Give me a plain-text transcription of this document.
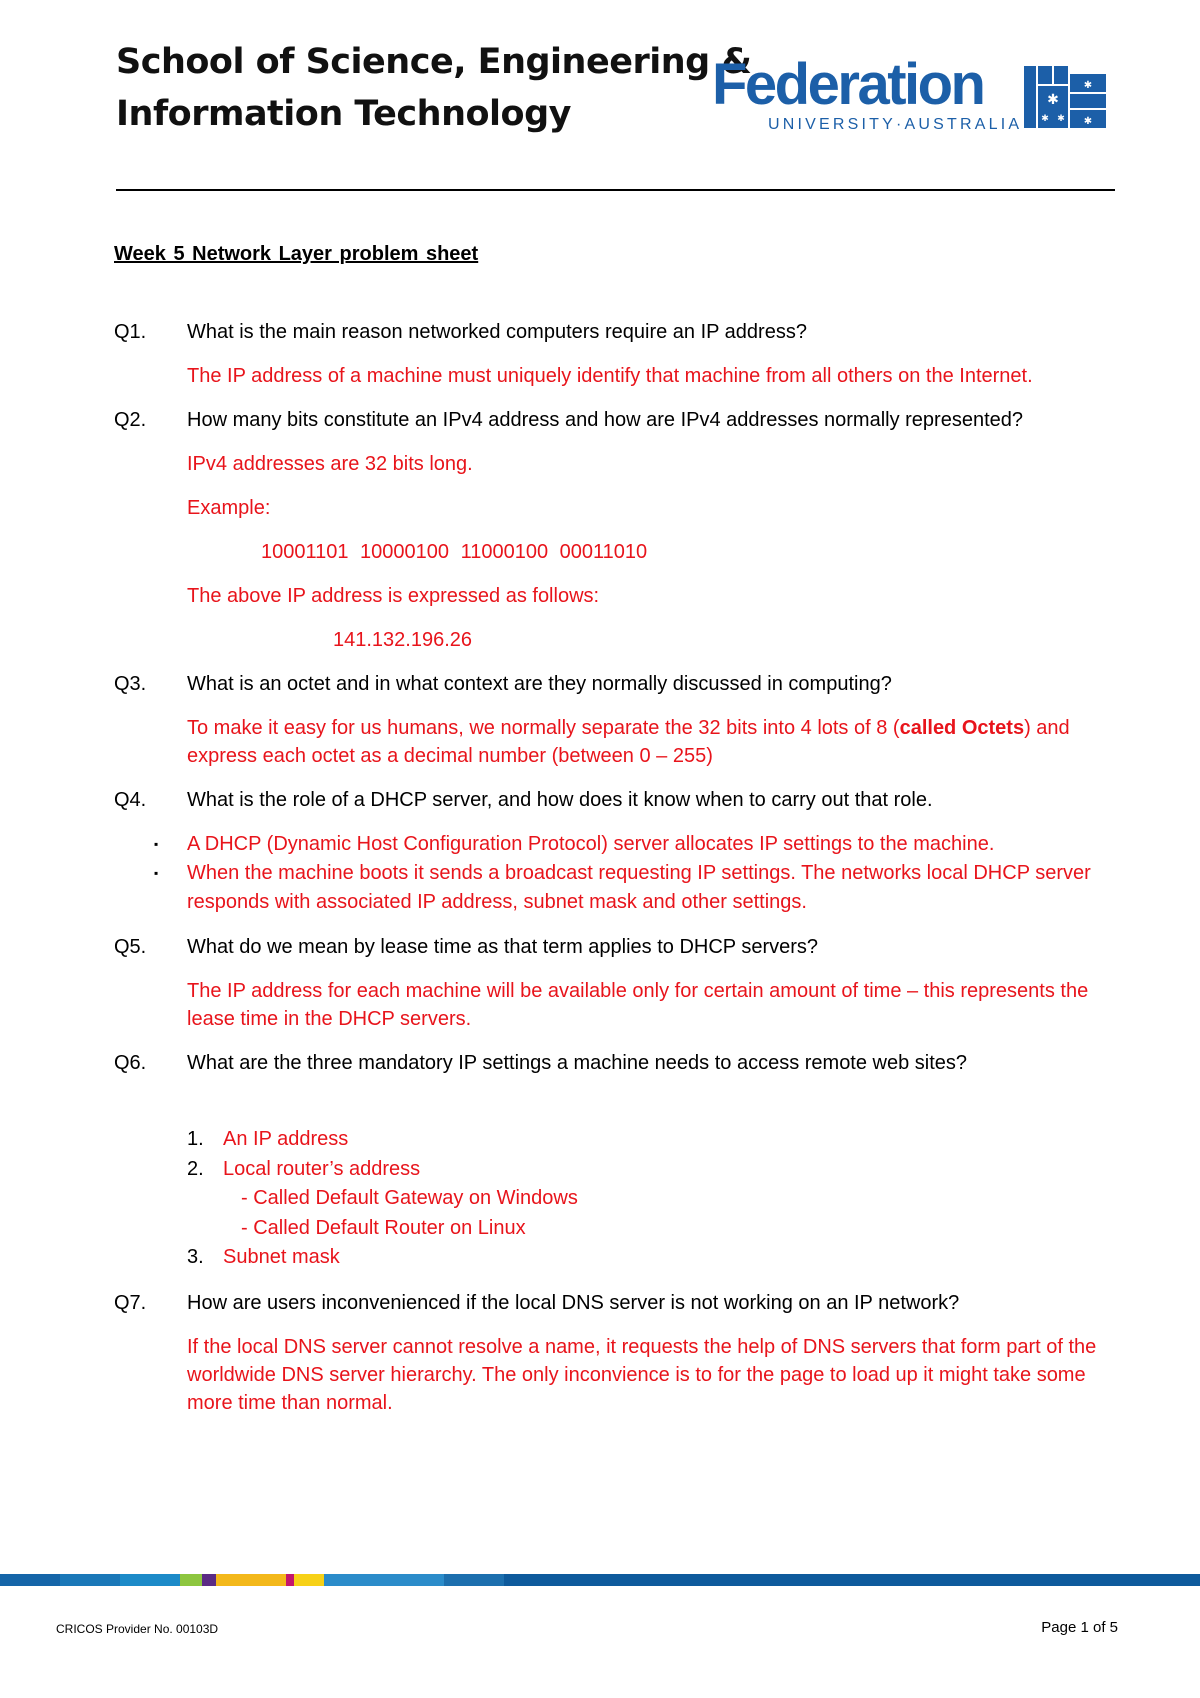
School of Science, Engineering &
Information Technology	Federation
UNIVERSITY·AUSTRALIA
✱
✱ ✱
✱
✱
Week 5 Network Layer problem sheet
Q1.	What is the main reason networked computers require an IP address?
The IP address of a machine must uniquely identify that machine from all others on the Internet.
Q2.	How many bits constitute an IPv4 address and how are IPv4 addresses normally represented?
IPv4 addresses are 32 bits long.
Example:
10001101 10000100 11000100 00011010
The above IP address is expressed as follows:
141.132.196.26
Q3.	What is an octet and in what context are they normally discussed in computing?
To make it easy for us humans, we normally separate the 32 bits into 4 lots of 8 (called Octets) and express each octet as a decimal number (between 0 – 255)
Q4.	What is the role of a DHCP server, and how does it know when to carry out that role.
▪	A DHCP (Dynamic Host Configuration Protocol) server allocates IP settings to the machine.
▪	When the machine boots it sends a broadcast requesting IP settings. The networks local DHCP server responds with associated IP address, subnet mask and other settings.
Q5.	What do we mean by lease time as that term applies to DHCP servers?
The IP address for each machine will be available only for certain amount of time – this represents the lease time in the DHCP servers.
Q6.	What are the three mandatory IP settings a machine needs to access remote web sites?
1. An IP address
2. Local router’s address
- Called Default Gateway on Windows
- Called Default Router on Linux
3. Subnet mask
Q7.	How are users inconvenienced if the local DNS server is not working on an IP network?
If the local DNS server cannot resolve a name, it requests the help of DNS servers that form part of the worldwide DNS server hierarchy. The only inconvience is to for the page to load up it might take some more time than normal.
CRICOS Provider No. 00103D	Page 1 of 5
